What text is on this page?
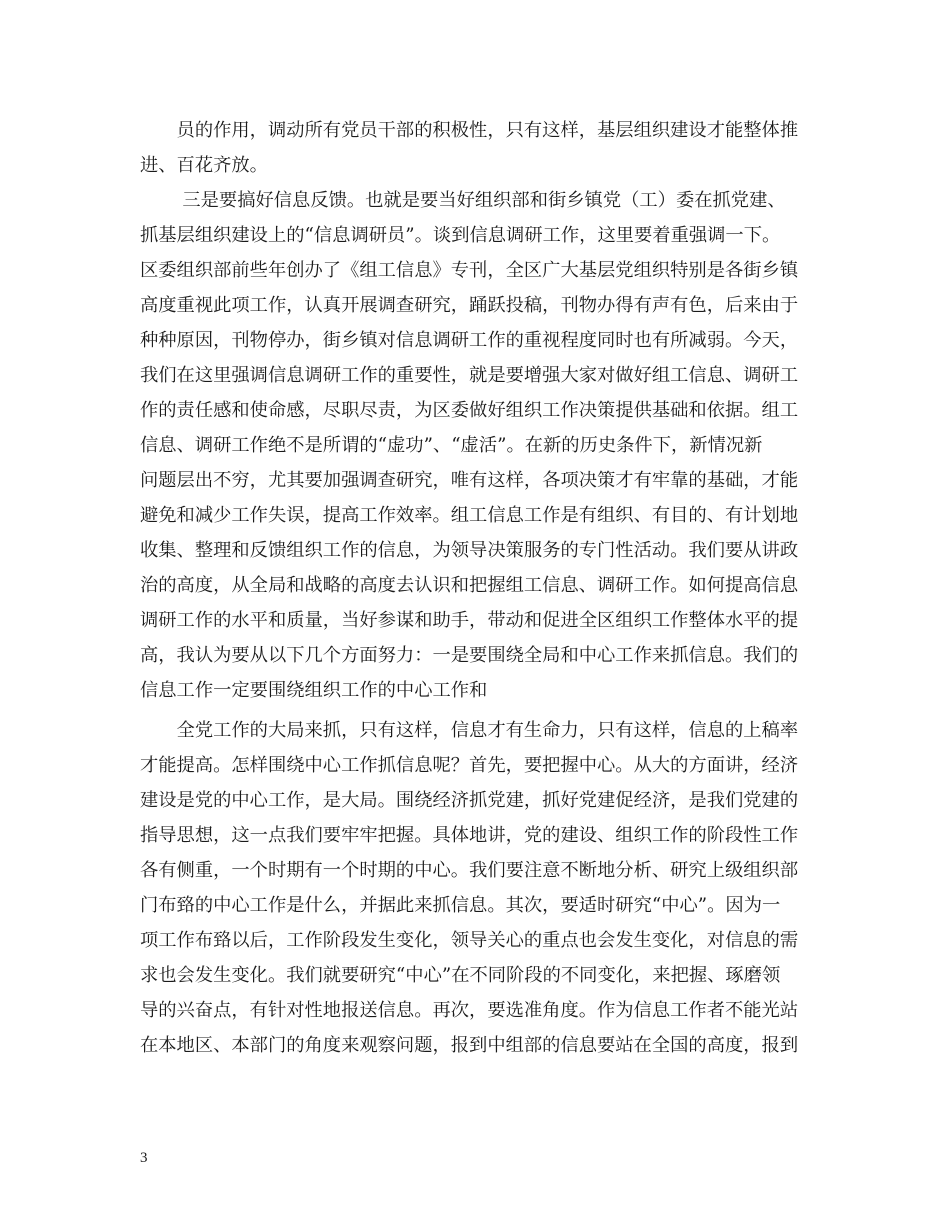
　　员的作用，调动所有党员干部的积极性，只有这样，基层组织建设才能整体推
进、百花齐放。
　　 三是要搞好信息反馈。也就是要当好组织部和街乡镇党（工）委在抓党建、
抓基层组织建设上的“信息调研员”。谈到信息调研工作，这里要着重强调一下。
区委组织部前些年创办了《组工信息》专刊，全区广大基层党组织特别是各街乡镇
高度重视此项工作，认真开展调查研究，踊跃投稿，刊物办得有声有色，后来由于
种种原因，刊物停办，街乡镇对信息调研工作的重视程度同时也有所减弱。今天，
我们在这里强调信息调研工作的重要性，就是要增强大家对做好组工信息、调研工
作的责任感和使命感，尽职尽责，为区委做好组织工作决策提供基础和依据。组工
信息、调研工作绝不是所谓的“虚功”、“虚活”。在新的历史条件下，新情况新
问题层出不穷，尤其要加强调查研究，唯有这样，各项决策才有牢靠的基础，才能
避免和减少工作失误，提高工作效率。组工信息工作是有组织、有目的、有计划地
收集、整理和反馈组织工作的信息，为领导决策服务的专门性活动。我们要从讲政
治的高度，从全局和战略的高度去认识和把握组工信息、调研工作。如何提高信息
调研工作的水平和质量，当好参谋和助手，带动和促进全区组织工作整体水平的提
高，我认为要从以下几个方面努力：一是要围绕全局和中心工作来抓信息。我们的
信息工作一定要围绕组织工作的中心工作和
　　全党工作的大局来抓，只有这样，信息才有生命力，只有这样，信息的上稿率
才能提高。怎样围绕中心工作抓信息呢？首先，要把握中心。从大的方面讲，经济
建设是党的中心工作，是大局。围绕经济抓党建，抓好党建促经济，是我们党建的
指导思想，这一点我们要牢牢把握。具体地讲，党的建设、组织工作的阶段性工作
各有侧重，一个时期有一个时期的中心。我们要注意不断地分析、研究上级组织部
门布臵的中心工作是什么，并据此来抓信息。其次，要适时研究“中心”。因为一
项工作布臵以后，工作阶段发生变化，领导关心的重点也会发生变化，对信息的需
求也会发生变化。我们就要研究“中心”在不同阶段的不同变化，来把握、琢磨领
导的兴奋点，有针对性地报送信息。再次，要选准角度。作为信息工作者不能光站
在本地区、本部门的角度来观察问题，报到中组部的信息要站在全国的高度，报到
3
